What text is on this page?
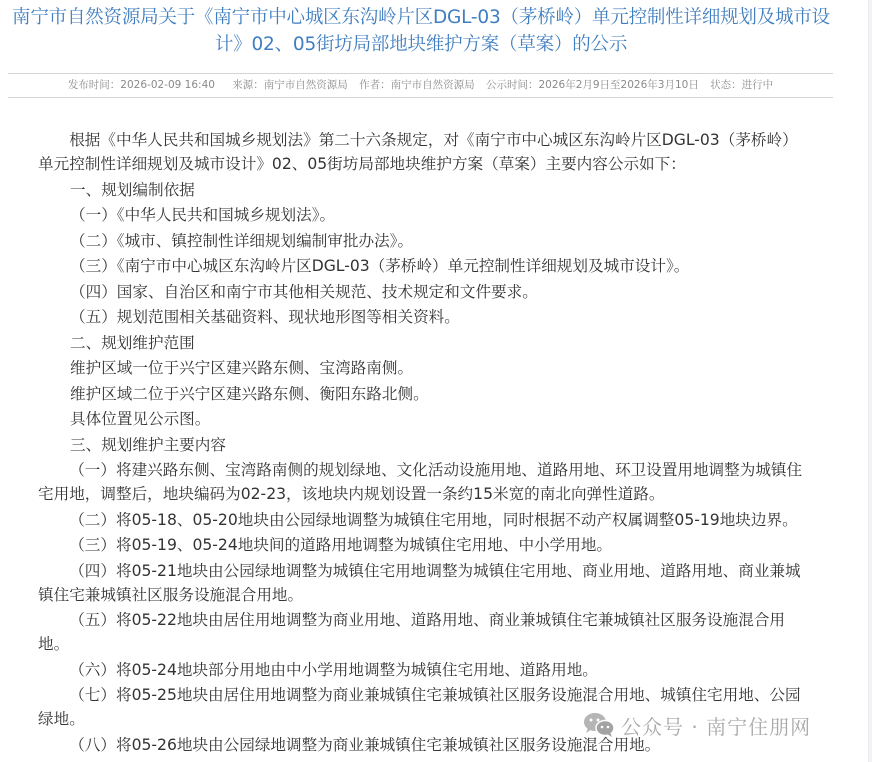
南宁市自然资源局关于《南宁市中心城区东沟岭片区DGL-03（茅桥岭）单元控制性详细规划及城市设计》02、05街坊局部地块维护方案（草案）的公示
发布时间：2026-02-09 16:40 来源：南宁市自然资源局 作者：南宁市自然资源局 公示时间：2026年2月9日至2026年3月10日 状态：进行中

根据《中华人民共和国城乡规划法》第二十六条规定，对《南宁市中心城区东沟岭片区DGL-03（茅桥岭）单元控制性详细规划及城市设计》02、05街坊局部地块维护方案（草案）主要内容公示如下：

一、规划编制依据

（一）《中华人民共和国城乡规划法》。

（二）《城市、镇控制性详细规划编制审批办法》。

（三）《南宁市中心城区东沟岭片区DGL-03（茅桥岭）单元控制性详细规划及城市设计》。

（四）国家、自治区和南宁市其他相关规范、技术规定和文件要求。

（五）规划范围相关基础资料、现状地形图等相关资料。

二、规划维护范围

维护区域一位于兴宁区建兴路东侧、宝湾路南侧。

维护区域二位于兴宁区建兴路东侧、衡阳东路北侧。

具体位置见公示图。

三、规划维护主要内容

（一）将建兴路东侧、宝湾路南侧的规划绿地、文化活动设施用地、道路用地、环卫设置用地调整为城镇住宅用地，调整后，地块编码为02-23，该地块内规划设置一条约15米宽的南北向弹性道路。

（二）将05-18、05-20地块由公园绿地调整为城镇住宅用地，同时根据不动产权属调整05-19地块边界。

（三）将05-19、05-24地块间的道路用地调整为城镇住宅用地、中小学用地。

（四）将05-21地块由公园绿地调整为城镇住宅用地调整为城镇住宅用地、商业用地、道路用地、商业兼城镇住宅兼城镇社区服务设施混合用地。

（五）将05-22地块由居住用地调整为商业用地、道路用地、商业兼城镇住宅兼城镇社区服务设施混合用地。

（六）将05-24地块部分用地由中小学用地调整为城镇住宅用地、道路用地。

（七）将05-25地块由居住用地调整为商业兼城镇住宅兼城镇社区服务设施混合用地、城镇住宅用地、公园绿地。

（八）将05-26地块由公园绿地调整为商业兼城镇住宅兼城镇社区服务设施混合用地。

公众号 · 南宁住朋网
